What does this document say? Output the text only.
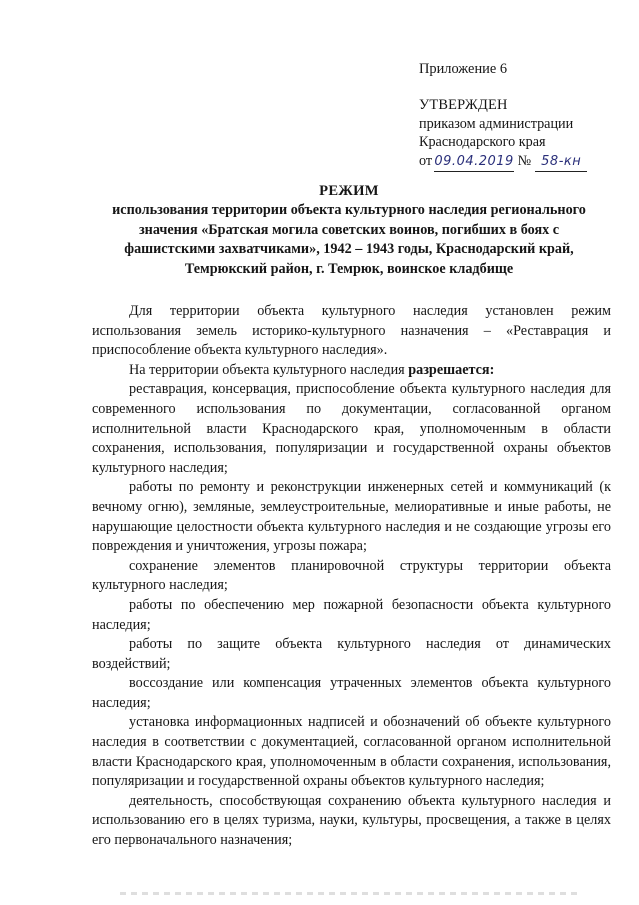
Приложение 6
УТВЕРЖДЕН
приказом администрации
Краснодарского края
от 09.04.2019 № 58-кн
РЕЖИМ
использования территории объекта культурного наследия регионального
значения «Братская могила советских воинов, погибших в боях с
фашистскими захватчиками», 1942 – 1943 годы, Краснодарский край,
Темрюкский район, г. Темрюк, воинское кладбище

Для территории объекта культурного наследия установлен режим использования земель историко-культурного назначения – «Реставрация и приспособление объекта культурного наследия».

На территории объекта культурного наследия разрешается:

реставрация, консервация, приспособление объекта культурного наследия для современного использования по документации, согласованной органом исполнительной власти Краснодарского края, уполномоченным в области сохранения, использования, популяризации и государственной охраны объектов культурного наследия;

работы по ремонту и реконструкции инженерных сетей и коммуникаций (к вечному огню), земляные, землеустроительные, мелиоративные и иные работы, не нарушающие целостности объекта культурного наследия и не создающие угрозы его повреждения и уничтожения, угрозы пожара;

сохранение элементов планировочной структуры территории объекта культурного наследия;

работы по обеспечению мер пожарной безопасности объекта культурного наследия;

работы по защите объекта культурного наследия от динамических воздействий;

воссоздание или компенсация утраченных элементов объекта культурного наследия;

установка информационных надписей и обозначений об объекте культурного наследия в соответствии с документацией, согласованной органом исполнительной власти Краснодарского края, уполномоченным в области сохранения, использования, популяризации и государственной охраны объектов культурного наследия;

деятельность, способствующая сохранению объекта культурного наследия и использованию его в целях туризма, науки, культуры, просвещения, а также в целях его первоначального назначения;
